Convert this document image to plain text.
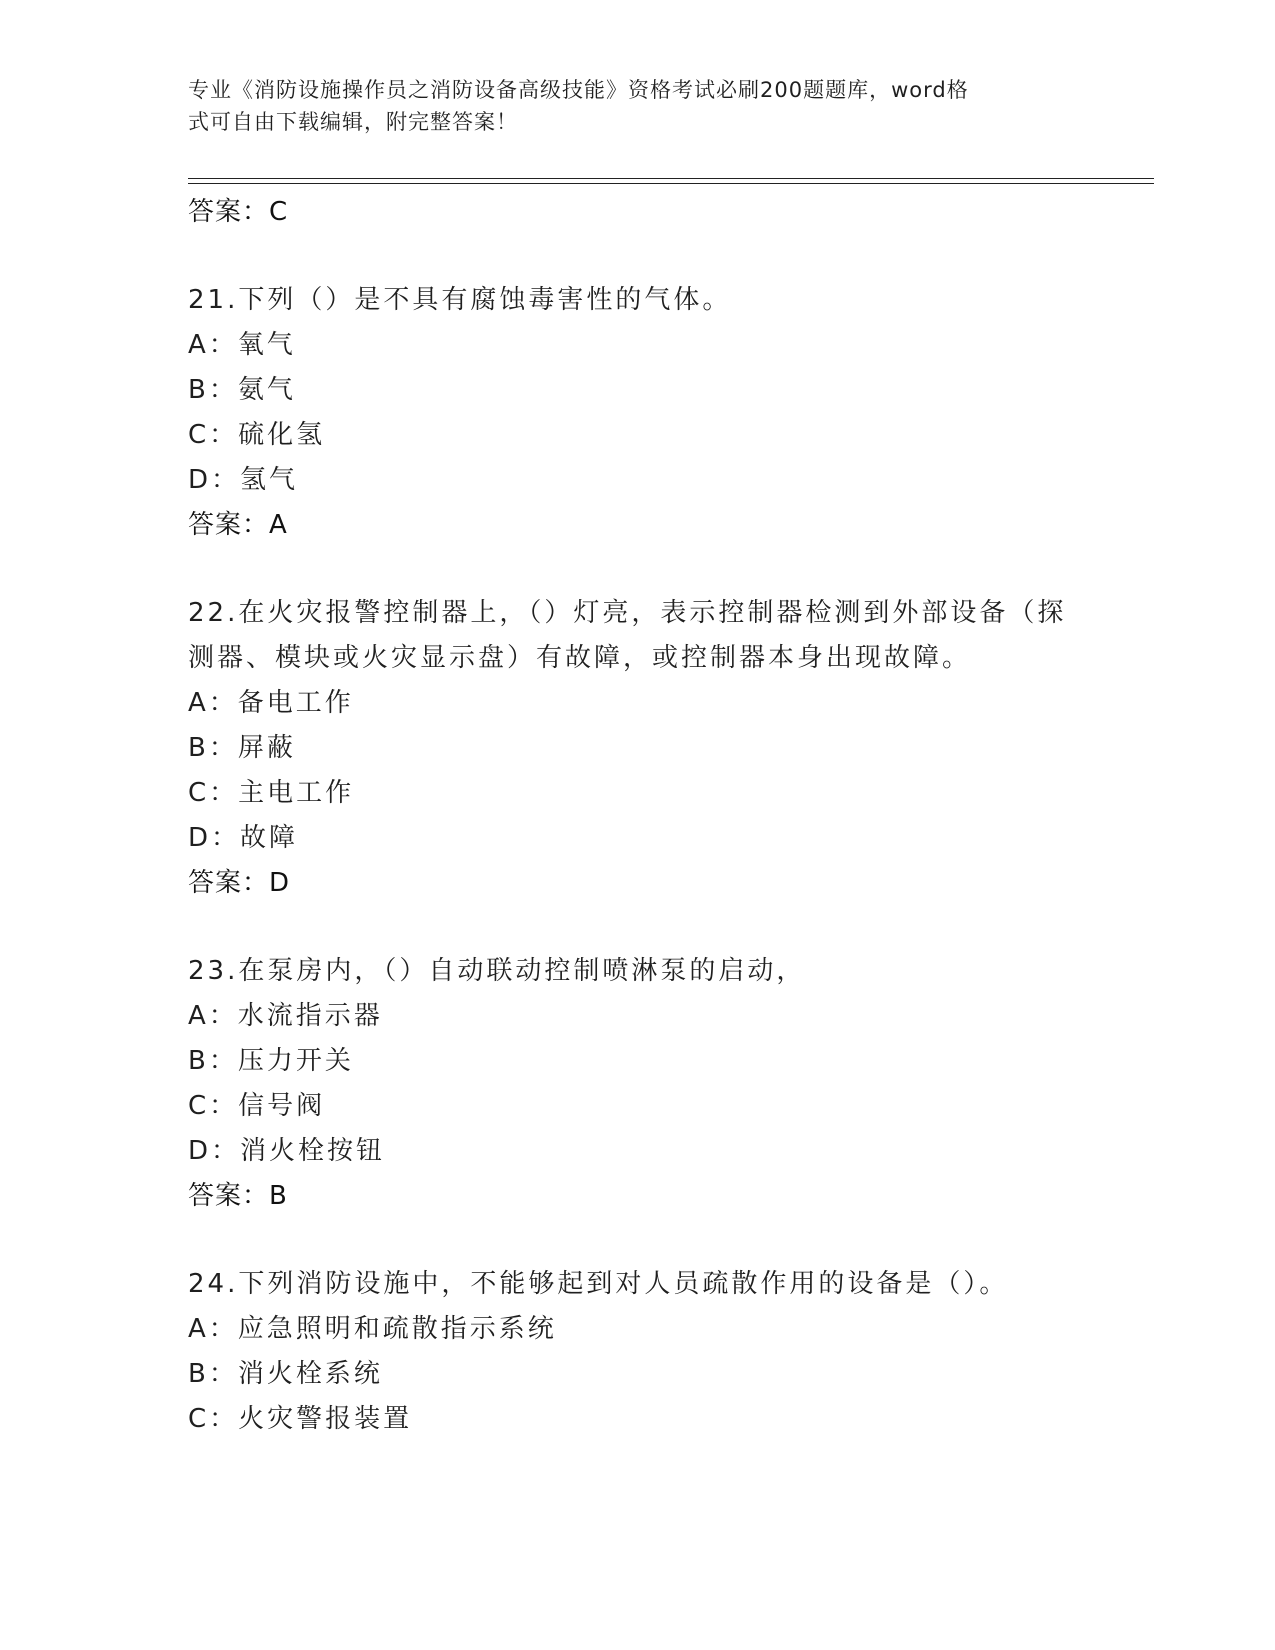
专业《消防设施操作员之消防设备高级技能》资格考试必刷200题题库，word格
式可自由下载编辑，附完整答案！
答案：C
21.下列（）是不具有腐蚀毒害性的气体。
A：氧气
B：氨气
C：硫化氢
D：氢气
答案：A
22.在火灾报警控制器上，（）灯亮，表示控制器检测到外部设备（探测器、模块或火灾显示盘）有故障，或控制器本身出现故障。
A：备电工作
B：屏蔽
C：主电工作
D：故障
答案：D
23.在泵房内，（）自动联动控制喷淋泵的启动，
A：水流指示器
B：压力开关
C：信号阀
D：消火栓按钮
答案：B
24.下列消防设施中，不能够起到对人员疏散作用的设备是（）。
A：应急照明和疏散指示系统
B：消火栓系统
C：火灾警报装置
